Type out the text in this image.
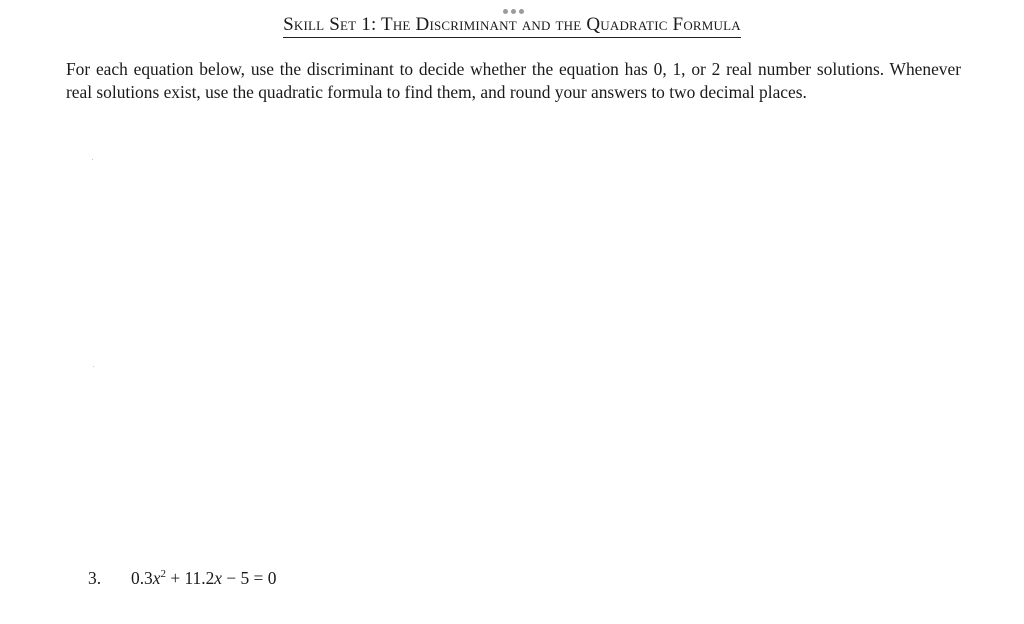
Skill Set 1: The Discriminant and the Quadratic Formula
For each equation below, use the discriminant to decide whether the equation has 0, 1, or 2 real number solutions. Whenever real solutions exist, use the quadratic formula to find them, and round your answers to two decimal places.
3.	$0.3x^2 + 11.2x - 5 = 0$
